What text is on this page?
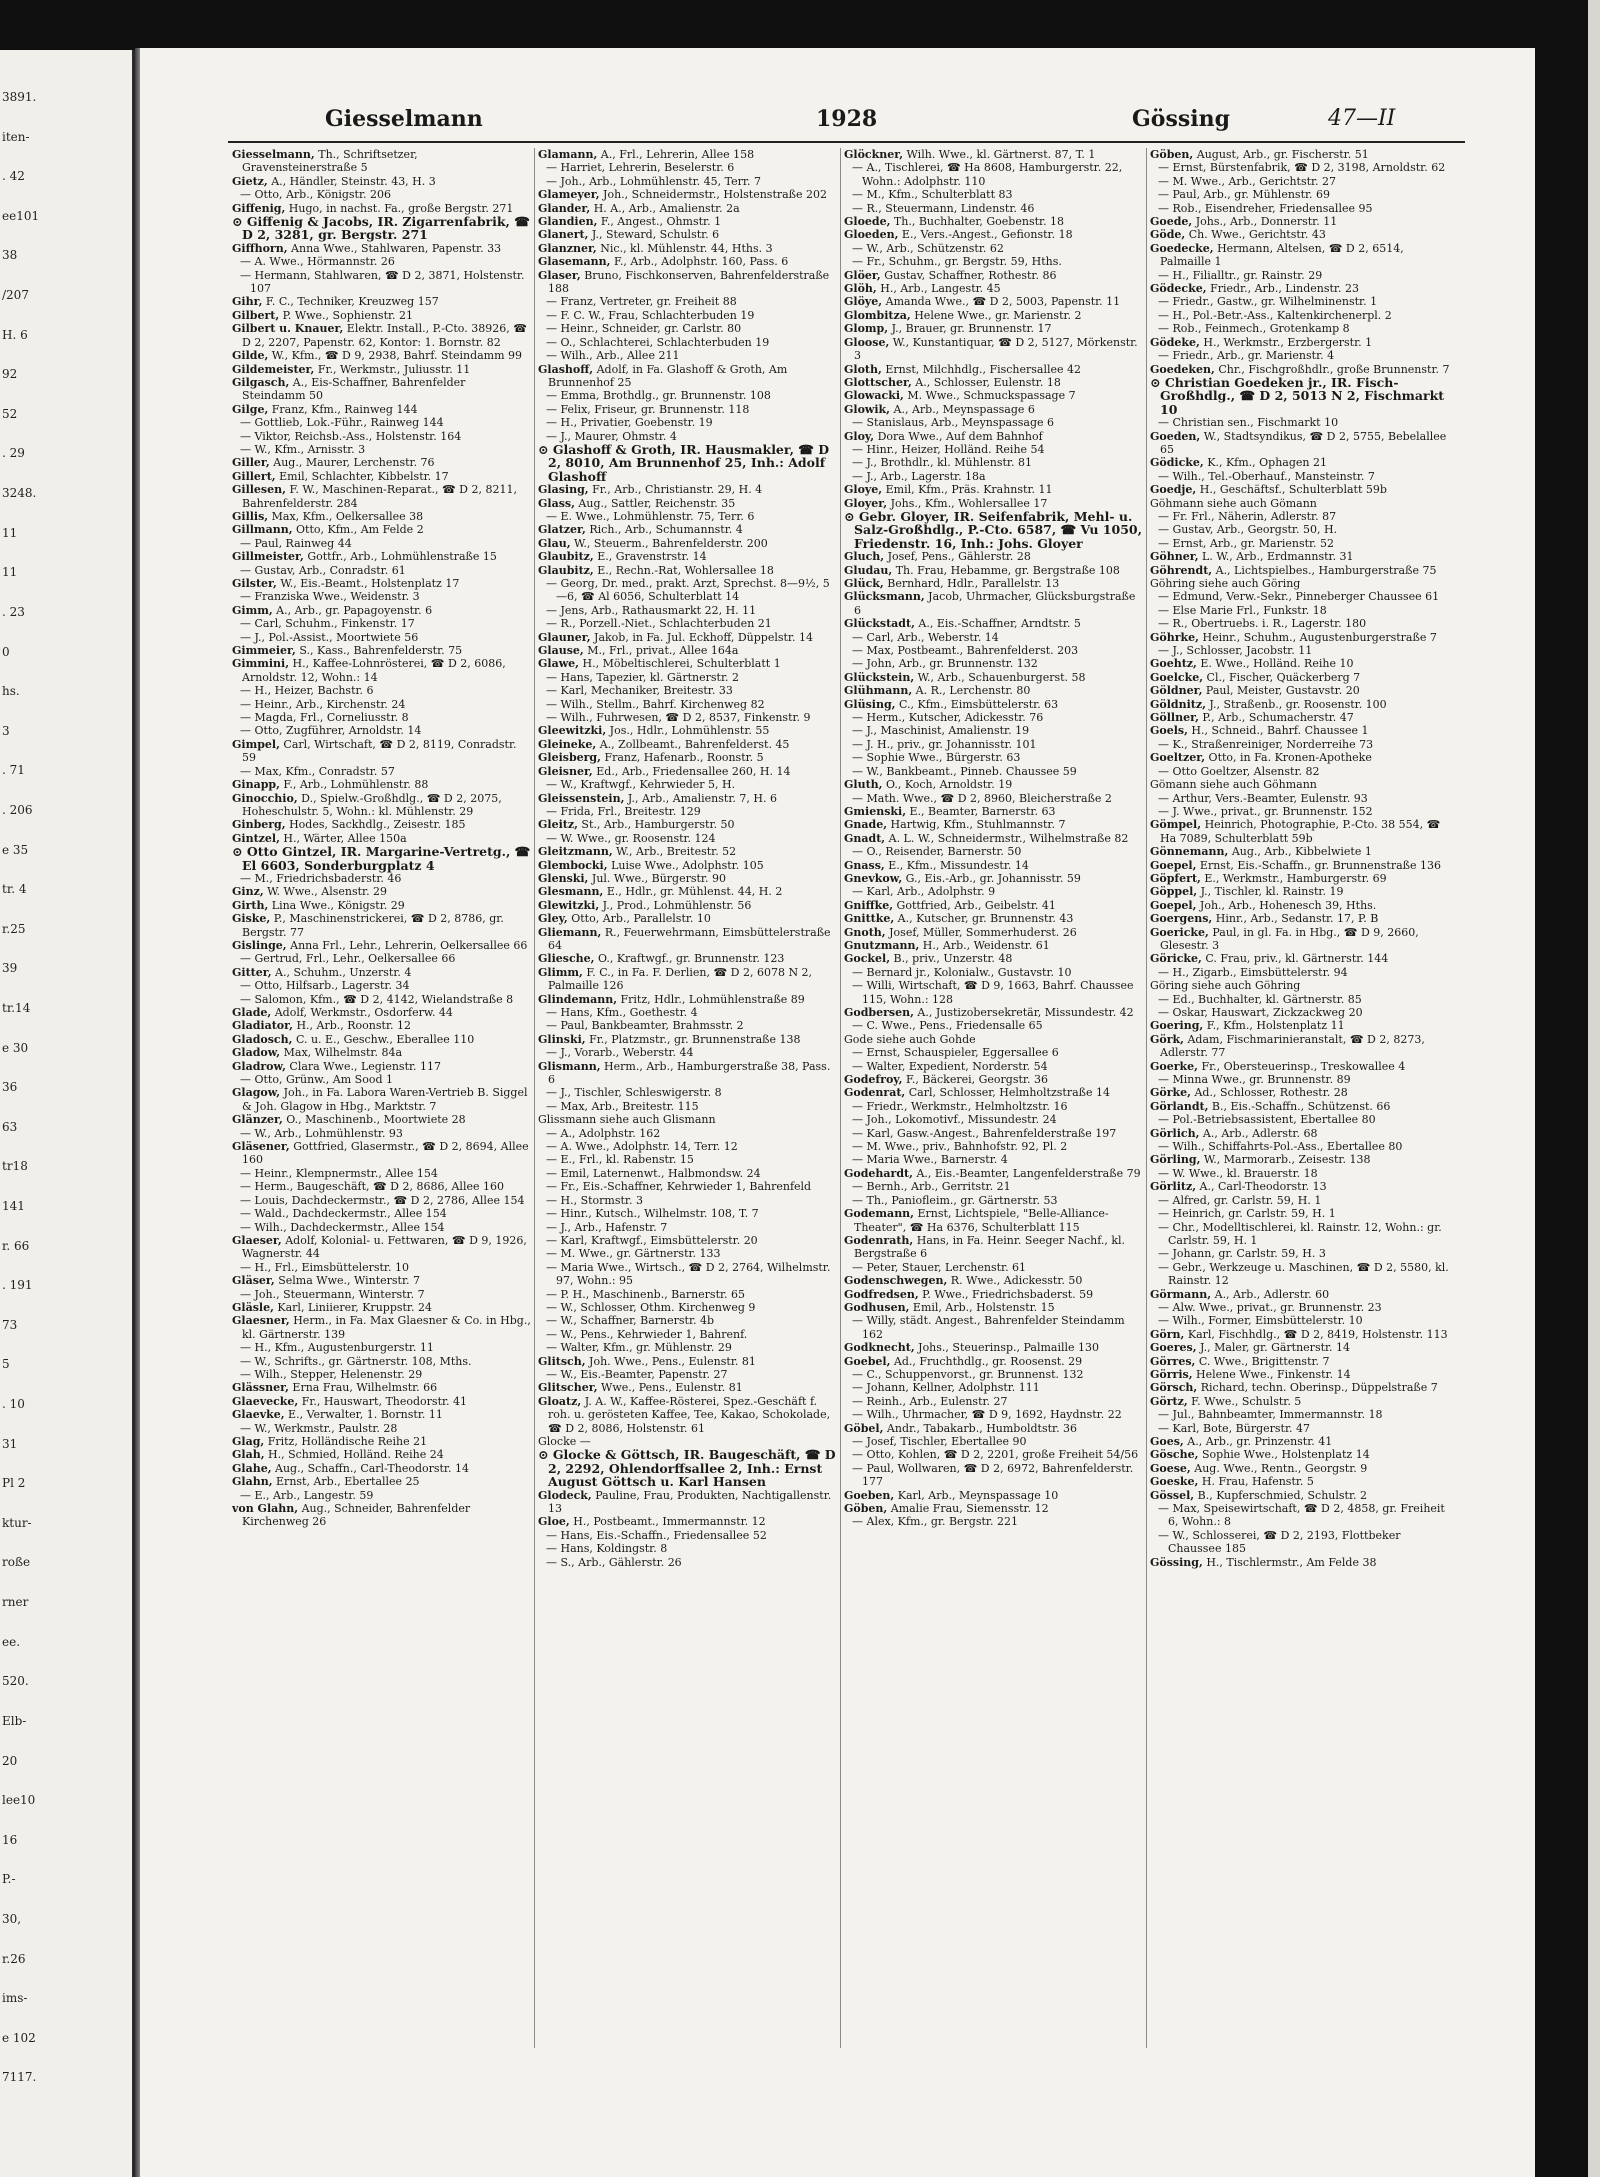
3891.
iten-
. 42
ee101
38
/207
H. 6
92
52
. 29
3248.
11
11
. 23
0
hs.
3
. 71
. 206
e 35
tr. 4
r.25
39
tr.14
e 30
36
63
tr18
141
r. 66
. 191
73
5
. 10
31
Pl 2
ktur-
roße
rner
ee.
520.
Elb-
20
lee10
16
P.-
30,
r.26
ims-
e 102
7117.
Giesselmann	1928	Gössing	47—II

Giesselmann, Th., Schriftsetzer, Gravensteinerstraße 5

Gietz, A., Händler, Steinstr. 43, H. 3

— Otto, Arb., Königstr. 206

Giffenig, Hugo, in nachst. Fa., große Bergstr. 271

⊙ Giffenig & Jacobs, IR. Zigarrenfabrik, ☎ D 2, 3281, gr. Bergstr. 271

Giffhorn, Anna Wwe., Stahlwaren, Papenstr. 33

— A. Wwe., Hörmannstr. 26

— Hermann, Stahlwaren, ☎ D 2, 3871, Holstenstr. 107

Gihr, F. C., Techniker, Kreuzweg 157

Gilbert, P. Wwe., Sophienstr. 21

Gilbert u. Knauer, Elektr. Install., P.-Cto. 38926, ☎ D 2, 2207, Papenstr. 62, Kontor: 1. Bornstr. 82

Gilde, W., Kfm., ☎ D 9, 2938, Bahrf. Steindamm 99

Gildemeister, Fr., Werkmstr., Juliusstr. 11

Gilgasch, A., Eis-Schaffner, Bahrenfelder Steindamm 50

Gilge, Franz, Kfm., Rainweg 144

— Gottlieb, Lok.-Führ., Rainweg 144

— Viktor, Reichsb.-Ass., Holstenstr. 164

— W., Kfm., Arnisstr. 3

Giller, Aug., Maurer, Lerchenstr. 76

Gillert, Emil, Schlachter, Kibbelstr. 17

Gillesen, F. W., Maschinen-Reparat., ☎ D 2, 8211, Bahrenfelderstr. 284

Gillis, Max, Kfm., Oelkersallee 38

Gillmann, Otto, Kfm., Am Felde 2

— Paul, Rainweg 44

Gillmeister, Gottfr., Arb., Lohmühlenstraße 15

— Gustav, Arb., Conradstr. 61

Gilster, W., Eis.-Beamt., Holstenplatz 17

— Franziska Wwe., Weidenstr. 3

Gimm, A., Arb., gr. Papagoyenstr. 6

— Carl, Schuhm., Finkenstr. 17

— J., Pol.-Assist., Moortwiete 56

Gimmeier, S., Kass., Bahrenfelderstr. 75

Gimmini, H., Kaffee-Lohnrösterei, ☎ D 2, 6086, Arnoldstr. 12, Wohn.: 14

— H., Heizer, Bachstr. 6

— Heinr., Arb., Kirchenstr. 24

— Magda, Frl., Corneliusstr. 8

— Otto, Zugführer, Arnoldstr. 14

Gimpel, Carl, Wirtschaft, ☎ D 2, 8119, Conradstr. 59

— Max, Kfm., Conradstr. 57

Ginapp, F., Arb., Lohmühlenstr. 88

Ginocchio, D., Spielw.-Großhdlg., ☎ D 2, 2075, Hoheschulstr. 5, Wohn.: kl. Mühlenstr. 29

Ginberg, Hodes, Sackhdlg., Zeisestr. 185

Gintzel, H., Wärter, Allee 150a

⊙ Otto Gintzel, IR. Margarine-Vertretg., ☎ El 6603, Sonderburgplatz 4

— M., Friedrichsbaderstr. 46

Ginz, W. Wwe., Alsenstr. 29

Girth, Lina Wwe., Königstr. 29

Giske, P., Maschinenstrickerei, ☎ D 2, 8786, gr. Bergstr. 77

Gislinge, Anna Frl., Lehr., Lehrerin, Oelkersallee 66

— Gertrud, Frl., Lehr., Oelkersallee 66

Gitter, A., Schuhm., Unzerstr. 4

— Otto, Hilfsarb., Lagerstr. 34

— Salomon, Kfm., ☎ D 2, 4142, Wielandstraße 8

Glade, Adolf, Werkmstr., Osdorferw. 44

Gladiator, H., Arb., Roonstr. 12

Gladosch, C. u. E., Geschw., Eberallee 110

Gladow, Max, Wilhelmstr. 84a

Gladrow, Clara Wwe., Legienstr. 117

— Otto, Grünw., Am Sood 1

Glagow, Joh., in Fa. Labora Waren-Vertrieb B. Siggel & Joh. Glagow in Hbg., Marktstr. 7

Glänzer, O., Maschinenb., Moortwiete 28

— W., Arb., Lohmühlenstr. 93

Gläsener, Gottfried, Glasermstr., ☎ D 2, 8694, Allee 160

— Heinr., Klempnermstr., Allee 154

— Herm., Baugeschäft, ☎ D 2, 8686, Allee 160

— Louis, Dachdeckermstr., ☎ D 2, 2786, Allee 154

— Wald., Dachdeckermstr., Allee 154

— Wilh., Dachdeckermstr., Allee 154

Glaeser, Adolf, Kolonial- u. Fettwaren, ☎ D 9, 1926, Wagnerstr. 44

— H., Frl., Eimsbüttelerstr. 10

Gläser, Selma Wwe., Winterstr. 7

— Joh., Steuermann, Winterstr. 7

Gläsle, Karl, Liniierer, Kruppstr. 24

Glaesner, Herm., in Fa. Max Glaesner & Co. in Hbg., kl. Gärtnerstr. 139

— H., Kfm., Augustenburgerstr. 11

— W., Schrifts., gr. Gärtnerstr. 108, Mths.

— Wilh., Stepper, Helenenstr. 29

Glässner, Erna Frau, Wilhelmstr. 66

Glaevecke, Fr., Hauswart, Theodorstr. 41

Glaevke, E., Verwalter, 1. Bornstr. 11

— W., Werkmstr., Paulstr. 28

Glag, Fritz, Holländische Reihe 21

Glah, H., Schmied, Holländ. Reihe 24

Glahe, Aug., Schaffn., Carl-Theodorstr. 14

Glahn, Ernst, Arb., Ebertallee 25

— E., Arb., Langestr. 59

von Glahn, Aug., Schneider, Bahrenfelder Kirchenweg 26

Glamann, A., Frl., Lehrerin, Allee 158

— Harriet, Lehrerin, Beselerstr. 6

— Joh., Arb., Lohmühlenstr. 45, Terr. 7

Glameyer, Joh., Schneidermstr., Holstenstraße 202

Glander, H. A., Arb., Amalienstr. 2a

Glandien, F., Angest., Ohmstr. 1

Glanert, J., Steward, Schulstr. 6

Glanzner, Nic., kl. Mühlenstr. 44, Hths. 3

Glasemann, F., Arb., Adolphstr. 160, Pass. 6

Glaser, Bruno, Fischkonserven, Bahrenfelderstraße 188

— Franz, Vertreter, gr. Freiheit 88

— F. C. W., Frau, Schlachterbuden 19

— Heinr., Schneider, gr. Carlstr. 80

— O., Schlachterei, Schlachterbuden 19

— Wilh., Arb., Allee 211

Glashoff, Adolf, in Fa. Glashoff & Groth, Am Brunnenhof 25

— Emma, Brothdlg., gr. Brunnenstr. 108

— Felix, Friseur, gr. Brunnenstr. 118

— H., Privatier, Goebenstr. 19

— J., Maurer, Ohmstr. 4

⊙ Glashoff & Groth, IR. Hausmakler, ☎ D 2, 8010, Am Brunnenhof 25, Inh.: Adolf Glashoff

Glasing, Fr., Arb., Christianstr. 29, H. 4

Glass, Aug., Sattler, Reichenstr. 35

— E. Wwe., Lohmühlenstr. 75, Terr. 6

Glatzer, Rich., Arb., Schumannstr. 4

Glau, W., Steuerm., Bahrenfelderstr. 200

Glaubitz, E., Gravenstrstr. 14

Glaubitz, E., Rechn.-Rat, Wohlersallee 18

— Georg, Dr. med., prakt. Arzt, Sprechst. 8—9½, 5—6, ☎ Al 6056, Schulterblatt 14

— Jens, Arb., Rathausmarkt 22, H. 11

— R., Porzell.-Niet., Schlachterbuden 21

Glauner, Jakob, in Fa. Jul. Eckhoff, Düppelstr. 14

Glause, M., Frl., privat., Allee 164a

Glawe, H., Möbeltischlerei, Schulterblatt 1

— Hans, Tapezier, kl. Gärtnerstr. 2

— Karl, Mechaniker, Breitestr. 33

— Wilh., Stellm., Bahrf. Kirchenweg 82

— Wilh., Fuhrwesen, ☎ D 2, 8537, Finkenstr. 9

Gleewitzki, Jos., Hdlr., Lohmühlenstr. 55

Gleineke, A., Zollbeamt., Bahrenfelderst. 45

Gleisberg, Franz, Hafenarb., Roonstr. 5

Gleisner, Ed., Arb., Friedensallee 260, H. 14

— W., Kraftwgf., Kehrwieder 5, H.

Gleissenstein, J., Arb., Amalienstr. 7, H. 6

— Frida, Frl., Breitestr. 129

Gleitz, St., Arb., Hamburgerstr. 50

— W. Wwe., gr. Roosenstr. 124

Gleitzmann, W., Arb., Breitestr. 52

Glembocki, Luise Wwe., Adolphstr. 105

Glenski, Jul. Wwe., Bürgerstr. 90

Glesmann, E., Hdlr., gr. Mühlenst. 44, H. 2

Glewitzki, J., Prod., Lohmühlenstr. 56

Gley, Otto, Arb., Parallelstr. 10

Gliemann, R., Feuerwehrmann, Eimsbüttelerstraße 64

Gliesche, O., Kraftwgf., gr. Brunnenstr. 123

Glimm, F. C., in Fa. F. Derlien, ☎ D 2, 6078 N 2, Palmaille 126

Glindemann, Fritz, Hdlr., Lohmühlenstraße 89

— Hans, Kfm., Goethestr. 4

— Paul, Bankbeamter, Brahmsstr. 2

Glinski, Fr., Platzmstr., gr. Brunnenstraße 138

— J., Vorarb., Weberstr. 44

Glismann, Herm., Arb., Hamburgerstraße 38, Pass. 6

— J., Tischler, Schleswigerstr. 8

— Max, Arb., Breitestr. 115

Glissmann siehe auch Glismann

— A., Adolphstr. 162

— A. Wwe., Adolphstr. 14, Terr. 12

— E., Frl., kl. Rabenstr. 15

— Emil, Laternenwt., Halbmondsw. 24

— Fr., Eis.-Schaffner, Kehrwieder 1, Bahrenfeld

— H., Stormstr. 3

— Hinr., Kutsch., Wilhelmstr. 108, T. 7

— J., Arb., Hafenstr. 7

— Karl, Kraftwgf., Eimsbüttelerstr. 20

— M. Wwe., gr. Gärtnerstr. 133

— Maria Wwe., Wirtsch., ☎ D 2, 2764, Wilhelmstr. 97, Wohn.: 95

— P. H., Maschinenb., Barnerstr. 65

— W., Schlosser, Othm. Kirchenweg 9

— W., Schaffner, Barnerstr. 4b

— W., Pens., Kehrwieder 1, Bahrenf.

— Walter, Kfm., gr. Mühlenstr. 29

Glitsch, Joh. Wwe., Pens., Eulenstr. 81

— W., Eis.-Beamter, Papenstr. 27

Glitscher, Wwe., Pens., Eulenstr. 81

Gloatz, J. A. W., Kaffee-Rösterei, Spez.-Geschäft f. roh. u. gerösteten Kaffee, Tee, Kakao, Schokolade, ☎ D 2, 8086, Holstenstr. 61

Glocke —

⊙ Glocke & Göttsch, IR. Baugeschäft, ☎ D 2, 2292, Ohlendorffsallee 2, Inh.: Ernst August Göttsch u. Karl Hansen

Glodeck, Pauline, Frau, Produkten, Nachtigallenstr. 13

Gloe, H., Postbeamt., Immermannstr. 12

— Hans, Eis.-Schaffn., Friedensallee 52

— Hans, Koldingstr. 8

— S., Arb., Gählerstr. 26

Glöckner, Wilh. Wwe., kl. Gärtnerst. 87, T. 1

— A., Tischlerei, ☎ Ha 8608, Hamburgerstr. 22, Wohn.: Adolphstr. 110

— M., Kfm., Schulterblatt 83

— R., Steuermann, Lindenstr. 46

Gloede, Th., Buchhalter, Goebenstr. 18

Gloeden, E., Vers.-Angest., Gefionstr. 18

— W., Arb., Schützenstr. 62

— Fr., Schuhm., gr. Bergstr. 59, Hths.

Glöer, Gustav, Schaffner, Rothestr. 86

Glöh, H., Arb., Langestr. 45

Glöye, Amanda Wwe., ☎ D 2, 5003, Papenstr. 11

Glombitza, Helene Wwe., gr. Marienstr. 2

Glomp, J., Brauer, gr. Brunnenstr. 17

Gloose, W., Kunstantiquar, ☎ D 2, 5127, Mörkenstr. 3

Gloth, Ernst, Milchhdlg., Fischersallee 42

Glottscher, A., Schlosser, Eulenstr. 18

Glowacki, M. Wwe., Schmuckspassage 7

Glowik, A., Arb., Meynspassage 6

— Stanislaus, Arb., Meynspassage 6

Gloy, Dora Wwe., Auf dem Bahnhof

— Hinr., Heizer, Holländ. Reihe 54

— J., Brothdlr., kl. Mühlenstr. 81

— J., Arb., Lagerstr. 18a

Gloye, Emil, Kfm., Präs. Krahnstr. 11

Gloyer, Johs., Kfm., Wohlersallee 17

⊙ Gebr. Gloyer, IR. Seifenfabrik, Mehl- u. Salz-Großhdlg., P.-Cto. 6587, ☎ Vu 1050, Friedenstr. 16, Inh.: Johs. Gloyer

Gluch, Josef, Pens., Gählerstr. 28

Gludau, Th. Frau, Hebamme, gr. Bergstraße 108

Glück, Bernhard, Hdlr., Parallelstr. 13

Glücksmann, Jacob, Uhrmacher, Glücksburgstraße 6

Glückstadt, A., Eis.-Schaffner, Arndtstr. 5

— Carl, Arb., Weberstr. 14

— Max, Postbeamt., Bahrenfelderst. 203

— John, Arb., gr. Brunnenstr. 132

Glückstein, W., Arb., Schauenburgerst. 58

Glühmann, A. R., Lerchenstr. 80

Glüsing, C., Kfm., Eimsbüttelerstr. 63

— Herm., Kutscher, Adickesstr. 76

— J., Maschinist, Amalienstr. 19

— J. H., priv., gr. Johannisstr. 101

— Sophie Wwe., Bürgerstr. 63

— W., Bankbeamt., Pinneb. Chaussee 59

Gluth, O., Koch, Arnoldstr. 19

— Math. Wwe., ☎ D 2, 8960, Bleicherstraße 2

Gmienski, E., Beamter, Barnerstr. 63

Gnade, Hartwig, Kfm., Stuhlmannstr. 7

Gnadt, A. L. W., Schneidermstr., Wilhelmstraße 82

— O., Reisender, Barnerstr. 50

Gnass, E., Kfm., Missundestr. 14

Gnevkow, G., Eis.-Arb., gr. Johannisstr. 59

— Karl, Arb., Adolphstr. 9

Gniffke, Gottfried, Arb., Geibelstr. 41

Gnittke, A., Kutscher, gr. Brunnenstr. 43

Gnoth, Josef, Müller, Sommerhuderst. 26

Gnutzmann, H., Arb., Weidenstr. 61

Gockel, B., priv., Unzerstr. 48

— Bernard jr., Kolonialw., Gustavstr. 10

— Willi, Wirtschaft, ☎ D 9, 1663, Bahrf. Chaussee 115, Wohn.: 128

Godbersen, A., Justizobersekretär, Missundestr. 42

— C. Wwe., Pens., Friedensalle 65

Gode siehe auch Gohde

— Ernst, Schauspieler, Eggersallee 6

— Walter, Expedient, Norderstr. 54

Godefroy, F., Bäckerei, Georgstr. 36

Godenrat, Carl, Schlosser, Helmholtzstraße 14

— Friedr., Werkmstr., Helmholtzstr. 16

— Joh., Lokomotivf., Missundestr. 24

— Karl, Gasw.-Angest., Bahrenfelderstraße 197

— M. Wwe., priv., Bahnhofstr. 92, Pl. 2

— Maria Wwe., Barnerstr. 4

Godehardt, A., Eis.-Beamter, Langenfelderstraße 79

— Bernh., Arb., Gerritstr. 21

— Th., Paniofleim., gr. Gärtnerstr. 53

Godemann, Ernst, Lichtspiele, "Belle-Alliance-Theater", ☎ Ha 6376, Schulterblatt 115

Godenrath, Hans, in Fa. Heinr. Seeger Nachf., kl. Bergstraße 6

— Peter, Stauer, Lerchenstr. 61

Godenschwegen, R. Wwe., Adickesstr. 50

Godfredsen, P. Wwe., Friedrichsbaderst. 59

Godhusen, Emil, Arb., Holstenstr. 15

— Willy, städt. Angest., Bahrenfelder Steindamm 162

Godknecht, Johs., Steuerinsp., Palmaille 130

Goebel, Ad., Fruchthdlg., gr. Roosenst. 29

— C., Schuppenvorst., gr. Brunnenst. 132

— Johann, Kellner, Adolphstr. 111

— Reinh., Arb., Eulenstr. 27

— Wilh., Uhrmacher, ☎ D 9, 1692, Haydnstr. 22

Göbel, Andr., Tabakarb., Humboldtstr. 36

— Josef, Tischler, Ebertallee 90

— Otto, Kohlen, ☎ D 2, 2201, große Freiheit 54/56

— Paul, Wollwaren, ☎ D 2, 6972, Bahrenfelderstr. 177

Goeben, Karl, Arb., Meynspassage 10

Göben, Amalie Frau, Siemensstr. 12

— Alex, Kfm., gr. Bergstr. 221

Göben, August, Arb., gr. Fischerstr. 51

— Ernst, Bürstenfabrik, ☎ D 2, 3198, Arnoldstr. 62

— M. Wwe., Arb., Gerichtstr. 27

— Paul, Arb., gr. Mühlenstr. 69

— Rob., Eisendreher, Friedensallee 95

Goede, Johs., Arb., Donnerstr. 11

Göde, Ch. Wwe., Gerichtstr. 43

Goedecke, Hermann, Altelsen, ☎ D 2, 6514, Palmaille 1

— H., Filialltr., gr. Rainstr. 29

Gödecke, Friedr., Arb., Lindenstr. 23

— Friedr., Gastw., gr. Wilhelminenstr. 1

— H., Pol.-Betr.-Ass., Kaltenkirchenerpl. 2

— Rob., Feinmech., Grotenkamp 8

Gödeke, H., Werkmstr., Erzbergerstr. 1

— Friedr., Arb., gr. Marienstr. 4

Goedeken, Chr., Fischgroßhdlr., große Brunnenstr. 7

⊙ Christian Goedeken jr., IR. Fisch-Großhdlg., ☎ D 2, 5013 N 2, Fischmarkt 10

— Christian sen., Fischmarkt 10

Goeden, W., Stadtsyndikus, ☎ D 2, 5755, Bebelallee 65

Gödicke, K., Kfm., Ophagen 21

— Wilh., Tel.-Oberhauf., Mansteinstr. 7

Goedje, H., Geschäftsf., Schulterblatt 59b

Göhmann siehe auch Gömann

— Fr. Frl., Näherin, Adlerstr. 87

— Gustav, Arb., Georgstr. 50, H.

— Ernst, Arb., gr. Marienstr. 52

Göhner, L. W., Arb., Erdmannstr. 31

Göhrendt, A., Lichtspielbes., Hamburgerstraße 75

Göhring siehe auch Göring

— Edmund, Verw.-Sekr., Pinneberger Chaussee 61

— Else Marie Frl., Funkstr. 18

— R., Obertruebs. i. R., Lagerstr. 180

Göhrke, Heinr., Schuhm., Augustenburgerstraße 7

— J., Schlosser, Jacobstr. 11

Goehtz, E. Wwe., Holländ. Reihe 10

Goelcke, Cl., Fischer, Quäckerberg 7

Göldner, Paul, Meister, Gustavstr. 20

Göldnitz, J., Straßenb., gr. Roosenstr. 100

Göllner, P., Arb., Schumacherstr. 47

Goels, H., Schneid., Bahrf. Chaussee 1

— K., Straßenreiniger, Norderreihe 73

Goeltzer, Otto, in Fa. Kronen-Apotheke

— Otto Goeltzer, Alsenstr. 82

Gömann siehe auch Göhmann

— Arthur, Vers.-Beamter, Eulenstr. 93

— J. Wwe., privat., gr. Brunnenstr. 152

Gömpel, Heinrich, Photographie, P.-Cto. 38 554, ☎ Ha 7089, Schulterblatt 59b

Gönnemann, Aug., Arb., Kibbelwiete 1

Goepel, Ernst, Eis.-Schaffn., gr. Brunnenstraße 136

Göpfert, E., Werkmstr., Hamburgerstr. 69

Göppel, J., Tischler, kl. Rainstr. 19

Goepel, Joh., Arb., Hohenesch 39, Hths.

Goergens, Hinr., Arb., Sedanstr. 17, P. B

Goericke, Paul, in gl. Fa. in Hbg., ☎ D 9, 2660, Glesestr. 3

Göricke, C. Frau, priv., kl. Gärtnerstr. 144

— H., Zigarb., Eimsbüttelerstr. 94

Göring siehe auch Göhring

— Ed., Buchhalter, kl. Gärtnerstr. 85

— Oskar, Hauswart, Zickzackweg 20

Goering, F., Kfm., Holstenplatz 11

Görk, Adam, Fischmarinieranstalt, ☎ D 2, 8273, Adlerstr. 77

Goerke, Fr., Obersteuerinsp., Treskowallee 4

— Minna Wwe., gr. Brunnenstr. 89

Görke, Ad., Schlosser, Rothestr. 28

Görlandt, B., Eis.-Schaffn., Schützenst. 66

— Pol.-Betriebsassistent, Ebertallee 80

Görlich, A., Arb., Adlerstr. 68

— Wilh., Schiffahrts-Pol.-Ass., Ebertallee 80

Görling, W., Marmorarb., Zeisestr. 138

— W. Wwe., kl. Brauerstr. 18

Görlitz, A., Carl-Theodorstr. 13

— Alfred, gr. Carlstr. 59, H. 1

— Heinrich, gr. Carlstr. 59, H. 1

— Chr., Modelltischlerei, kl. Rainstr. 12, Wohn.: gr. Carlstr. 59, H. 1

— Johann, gr. Carlstr. 59, H. 3

— Gebr., Werkzeuge u. Maschinen, ☎ D 2, 5580, kl. Rainstr. 12

Görmann, A., Arb., Adlerstr. 60

— Alw. Wwe., privat., gr. Brunnenstr. 23

— Wilh., Former, Eimsbüttelerstr. 10

Görn, Karl, Fischhdlg., ☎ D 2, 8419, Holstenstr. 113

Goeres, J., Maler, gr. Gärtnerstr. 14

Görres, C. Wwe., Brigittenstr. 7

Görris, Helene Wwe., Finkenstr. 14

Görsch, Richard, techn. Oberinsp., Düppelstraße 7

Görtz, F. Wwe., Schulstr. 5

— Jul., Bahnbeamter, Immermannstr. 18

— Karl, Bote, Bürgerstr. 47

Goes, A., Arb., gr. Prinzenstr. 41

Gösche, Sophie Wwe., Holstenplatz 14

Goese, Aug. Wwe., Rentn., Georgstr. 9

Goeske, H. Frau, Hafenstr. 5

Gössel, B., Kupferschmied, Schulstr. 2

— Max, Speisewirtschaft, ☎ D 2, 4858, gr. Freiheit 6, Wohn.: 8

— W., Schlosserei, ☎ D 2, 2193, Flottbeker Chaussee 185

Gössing, H., Tischlermstr., Am Felde 38
